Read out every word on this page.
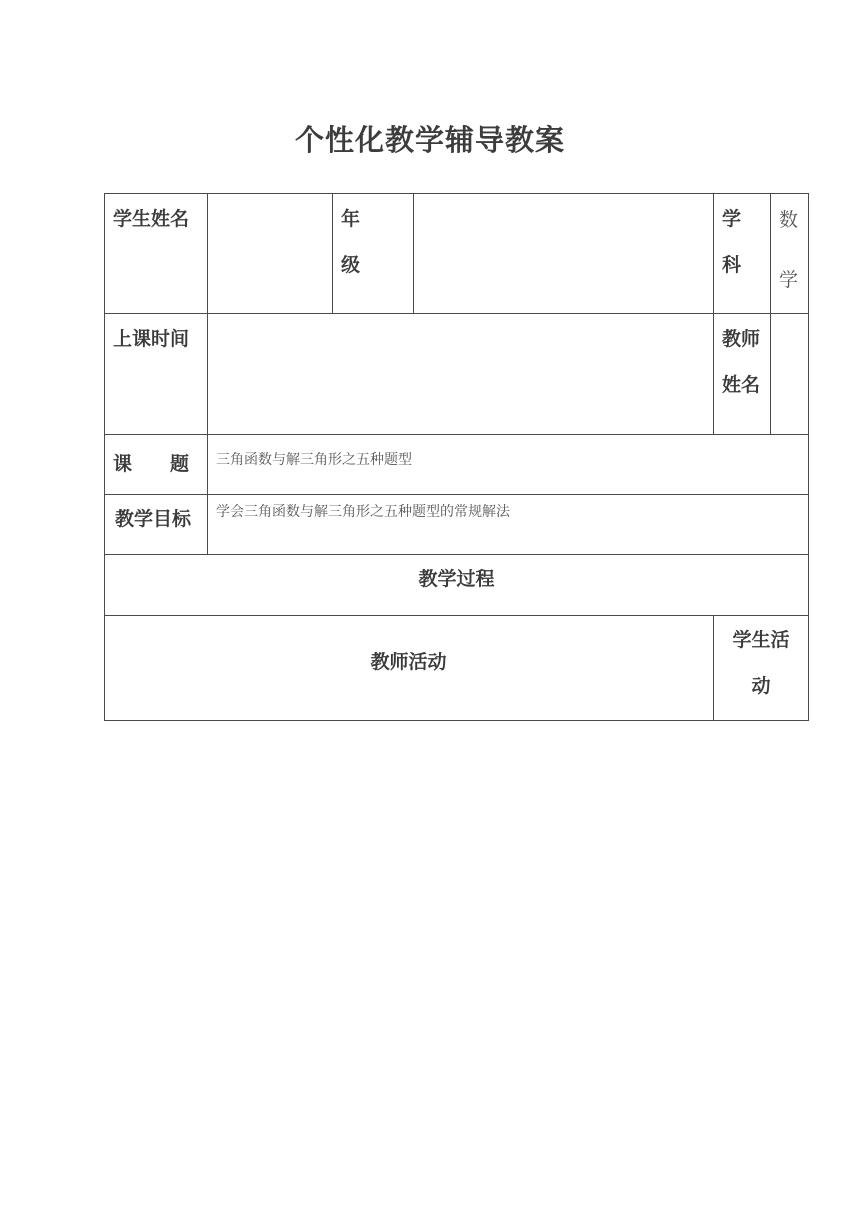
个性化教学辅导教案
学生姓名	年级
学科
数学
上课时间	教师姓名
课　　题 三角函数与解三角形之五种题型
教学目标 学会三角函数与解三角形之五种题型的常规解法
教学过程
教师活动
学生活动
